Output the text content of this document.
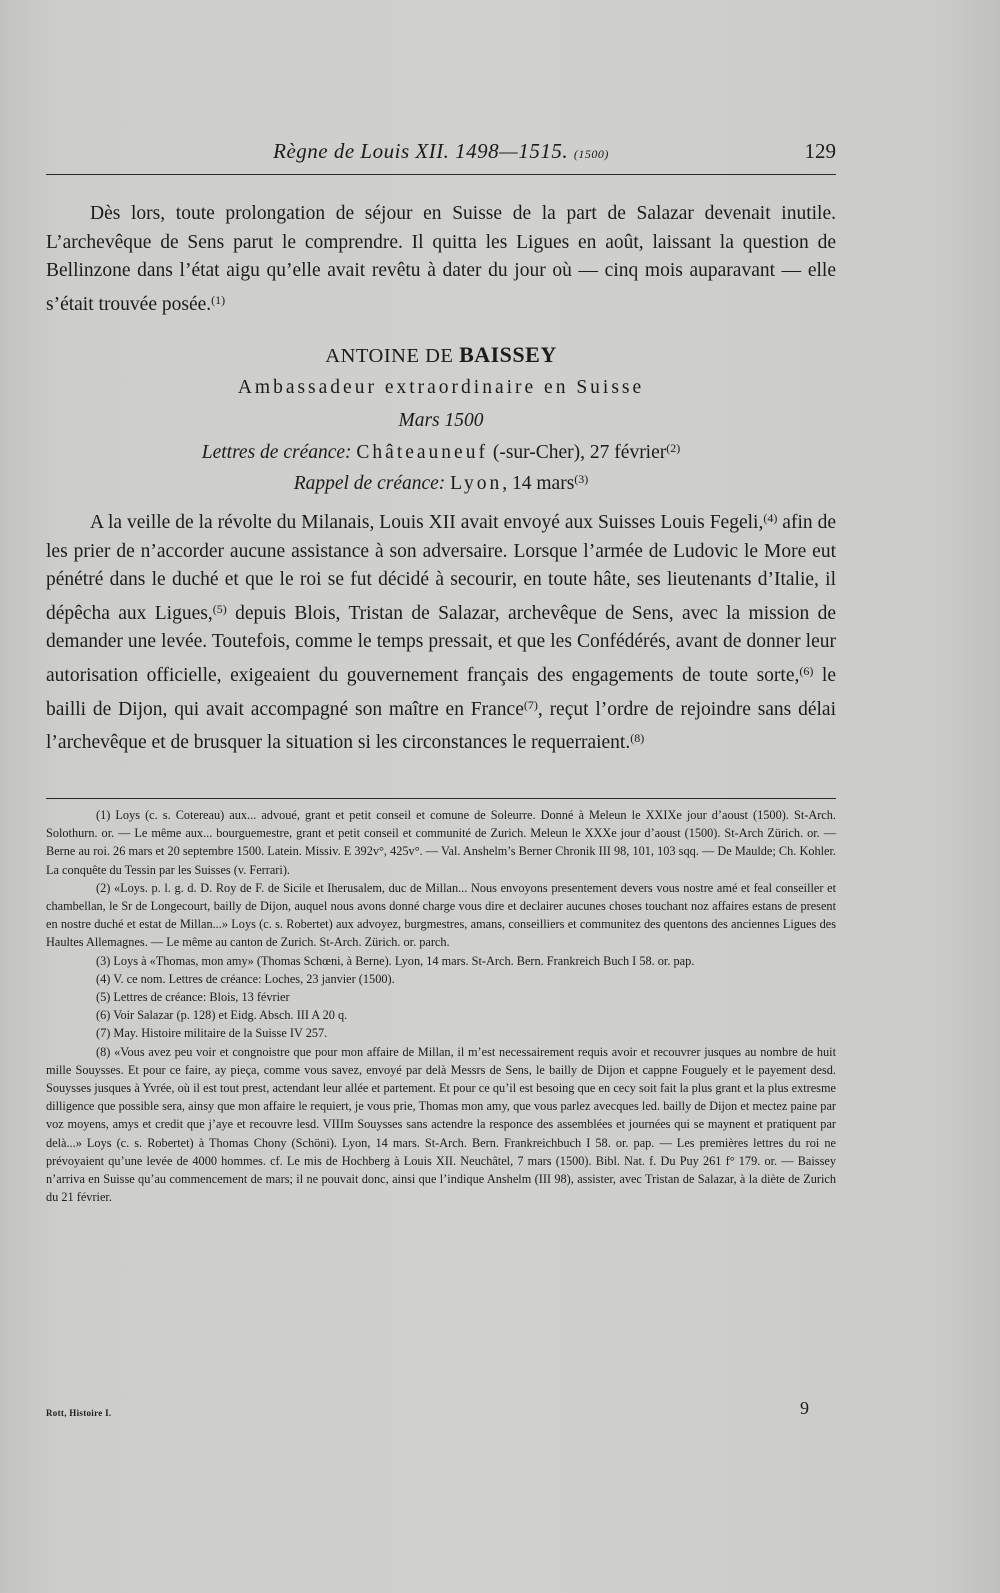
Règne de Louis XII. 1498—1515. (1500)	129

Dès lors, toute prolongation de séjour en Suisse de la part de Salazar devenait inutile. L’archevêque de Sens parut le comprendre. Il quitta les Ligues en août, laissant la question de Bellinzone dans l’état aigu qu’elle avait revêtu à dater du jour où — cinq mois auparavant — elle s’était trouvée posée.$^{(1)}$

ANTOINE DE BAISSEY
Ambassadeur extraordinaire en Suisse
Mars 1500
Lettres de créance: Châteauneuf (-sur-Cher), 27 février$^{(2)}$
Rappel de créance: Lyon, 14 mars$^{(3)}$

A la veille de la révolte du Milanais, Louis XII avait envoyé aux Suisses Louis Fegeli,$^{(4)}$ afin de les prier de n’accorder aucune assistance à son adversaire. Lorsque l’armée de Ludovic le More eut pénétré dans le duché et que le roi se fut décidé à secourir, en toute hâte, ses lieutenants d’Italie, il dépêcha aux Ligues,$^{(5)}$ depuis Blois, Tristan de Salazar, archevêque de Sens, avec la mission de demander une levée. Toutefois, comme le temps pressait, et que les Confédérés, avant de donner leur autorisation officielle, exigeaient du gouvernement français des engagements de toute sorte,$^{(6)}$ le bailli de Dijon, qui avait accompagné son maître en France$^{(7)}$, reçut l’ordre de rejoindre sans délai l’archevêque et de brusquer la situation si les circonstances le requerraient.$^{(8)}$

(1) Loys (c. s. Cotereau) aux... advoué, grant et petit conseil et comune de Soleurre. Donné à Meleun le XXIXe jour d’aoust (1500). St-Arch. Solothurn. or. — Le même aux... bourguemestre, grant et petit conseil et communité de Zurich. Meleun le XXXe jour d’aoust (1500). St-Arch Zürich. or. — Berne au roi. 26 mars et 20 septembre 1500. Latein. Missiv. E 392v°, 425v°. — Val. Anshelm’s Berner Chronik III 98, 101, 103 sqq. — De Maulde; Ch. Kohler. La conquête du Tessin par les Suisses (v. Ferrari).

(2) «Loys. p. l. g. d. D. Roy de F. de Sicile et Iherusalem, duc de Millan... Nous envoyons presentement devers vous nostre amé et feal conseiller et chambellan, le Sr de Longecourt, bailly de Dijon, auquel nous avons donné charge vous dire et declairer aucunes choses touchant noz affaires estans de present en nostre duché et estat de Millan...» Loys (c. s. Robertet) aux advoyez, burgmestres, amans, conseilliers et communitez des quentons des anciennes Ligues des Haultes Allemagnes. — Le même au canton de Zurich. St-Arch. Zürich. or. parch.

(3) Loys à «Thomas, mon amy» (Thomas Schœni, à Berne). Lyon, 14 mars. St-Arch. Bern. Frankreich Buch I 58. or. pap.

(4) V. ce nom. Lettres de créance: Loches, 23 janvier (1500).

(5) Lettres de créance: Blois, 13 février

(6) Voir Salazar (p. 128) et Eidg. Absch. III A 20 q.

(7) May. Histoire militaire de la Suisse IV 257.

(8) «Vous avez peu voir et congnoistre que pour mon affaire de Millan, il m’est necessairement requis avoir et recouvrer jusques au nombre de huit mille Souysses. Et pour ce faire, ay pieça, comme vous savez, envoyé par delà Messrs de Sens, le bailly de Dijon et cappne Fouguely et le payement desd. Souysses jusques à Yvrée, où il est tout prest, actendant leur allée et partement. Et pour ce qu’il est besoing que en cecy soit fait la plus grant et la plus extresme dilligence que possible sera, ainsy que mon affaire le requiert, je vous prie, Thomas mon amy, que vous parlez avecques led. bailly de Dijon et mectez paine par voz moyens, amys et credit que j’aye et recouvre lesd. VIIIm Souysses sans actendre la responce des assemblées et journées qui se maynent et pratiquent par delà...» Loys (c. s. Robertet) à Thomas Chony (Schöni). Lyon, 14 mars. St-Arch. Bern. Frankreichbuch I 58. or. pap. — Les premières lettres du roi ne prévoyaient qu’une levée de 4000 hommes. cf. Le mis de Hochberg à Louis XII. Neuchâtel, 7 mars (1500). Bibl. Nat. f. Du Puy 261 f° 179. or. — Baissey n’arriva en Suisse qu’au commencement de mars; il ne pouvait donc, ainsi que l’indique Anshelm (III 98), assister, avec Tristan de Salazar, à la diète de Zurich du 21 février.

Rott, Histoire I.	9
